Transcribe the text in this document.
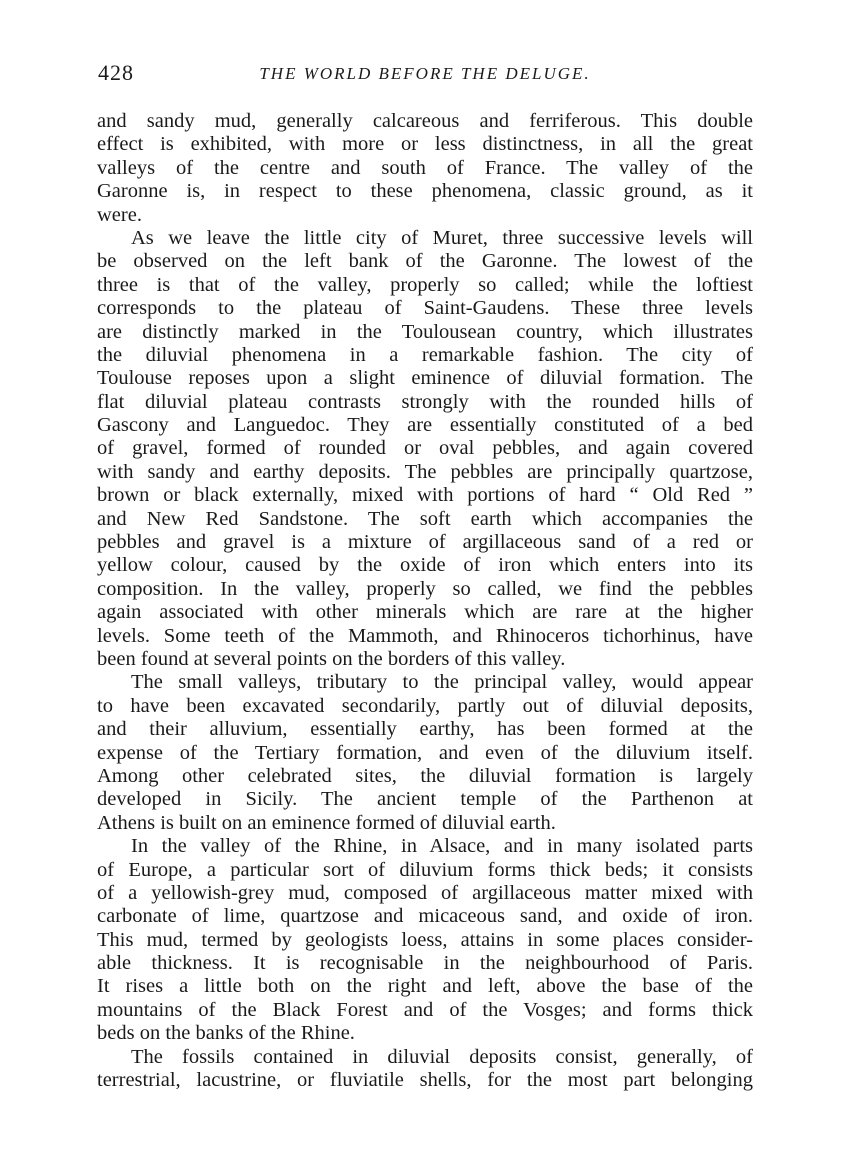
428	THE WORLD BEFORE THE DELUGE.
and sandy mud, generally calcareous and ferriferous. This double
effect is exhibited, with more or less distinctness, in all the great
valleys of the centre and south of France. The valley of the
Garonne is, in respect to these phenomena, classic ground, as it
were.
As we leave the little city of Muret, three successive levels will
be observed on the left bank of the Garonne. The lowest of the
three is that of the valley, properly so called; while the loftiest
corresponds to the plateau of Saint-Gaudens. These three levels
are distinctly marked in the Toulousean country, which illustrates
the diluvial phenomena in a remarkable fashion. The city of
Toulouse reposes upon a slight eminence of diluvial formation. The
flat diluvial plateau contrasts strongly with the rounded hills of
Gascony and Languedoc. They are essentially constituted of a bed
of gravel, formed of rounded or oval pebbles, and again covered
with sandy and earthy deposits. The pebbles are principally quartzose,
brown or black externally, mixed with portions of hard “ Old Red ”
and New Red Sandstone. The soft earth which accompanies the
pebbles and gravel is a mixture of argillaceous sand of a red or
yellow colour, caused by the oxide of iron which enters into its
composition. In the valley, properly so called, we find the pebbles
again associated with other minerals which are rare at the higher
levels. Some teeth of the Mammoth, and Rhinoceros tichorhinus, have
been found at several points on the borders of this valley.
The small valleys, tributary to the principal valley, would appear
to have been excavated secondarily, partly out of diluvial deposits,
and their alluvium, essentially earthy, has been formed at the
expense of the Tertiary formation, and even of the diluvium itself.
Among other celebrated sites, the diluvial formation is largely
developed in Sicily. The ancient temple of the Parthenon at
Athens is built on an eminence formed of diluvial earth.
In the valley of the Rhine, in Alsace, and in many isolated parts
of Europe, a particular sort of diluvium forms thick beds; it consists
of a yellowish-grey mud, composed of argillaceous matter mixed with
carbonate of lime, quartzose and micaceous sand, and oxide of iron.
This mud, termed by geologists loess, attains in some places consider-
able thickness. It is recognisable in the neighbourhood of Paris.
It rises a little both on the right and left, above the base of the
mountains of the Black Forest and of the Vosges; and forms thick
beds on the banks of the Rhine.
The fossils contained in diluvial deposits consist, generally, of
terrestrial, lacustrine, or fluviatile shells, for the most part belonging
